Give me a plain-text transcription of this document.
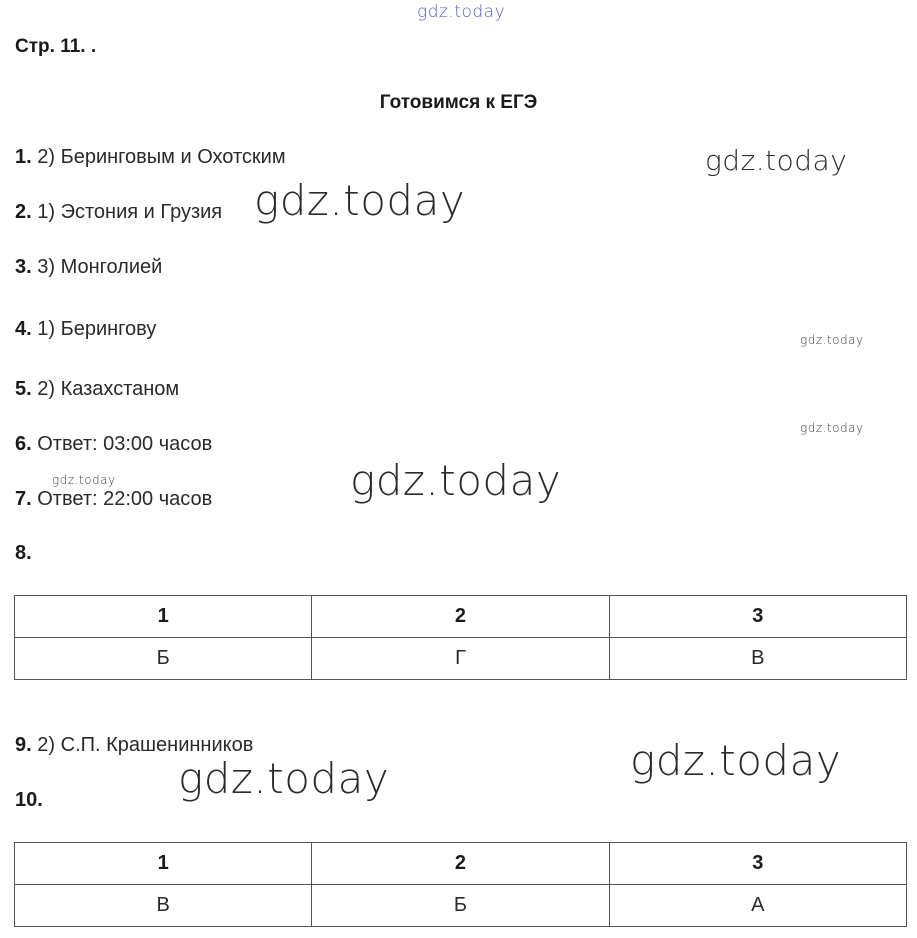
gdz.today
gdz.today
gdz.today
gdz.today
gdz.today
gdz.today
gdz.today
gdz.today
gdz.today
Стр. 11. .
Готовимся к ЕГЭ
1. 2) Беринговым и Охотским
2. 1) Эстония и Грузия
3. 3) Монголией
4. 1) Берингову
5. 2) Казахстаном
6. Ответ: 03:00 часов
7. Ответ: 22:00 часов
8.
1	2	3
Б	Г	В
9. 2) С.П. Крашенинников
10.
1	2	3
В	Б	А
